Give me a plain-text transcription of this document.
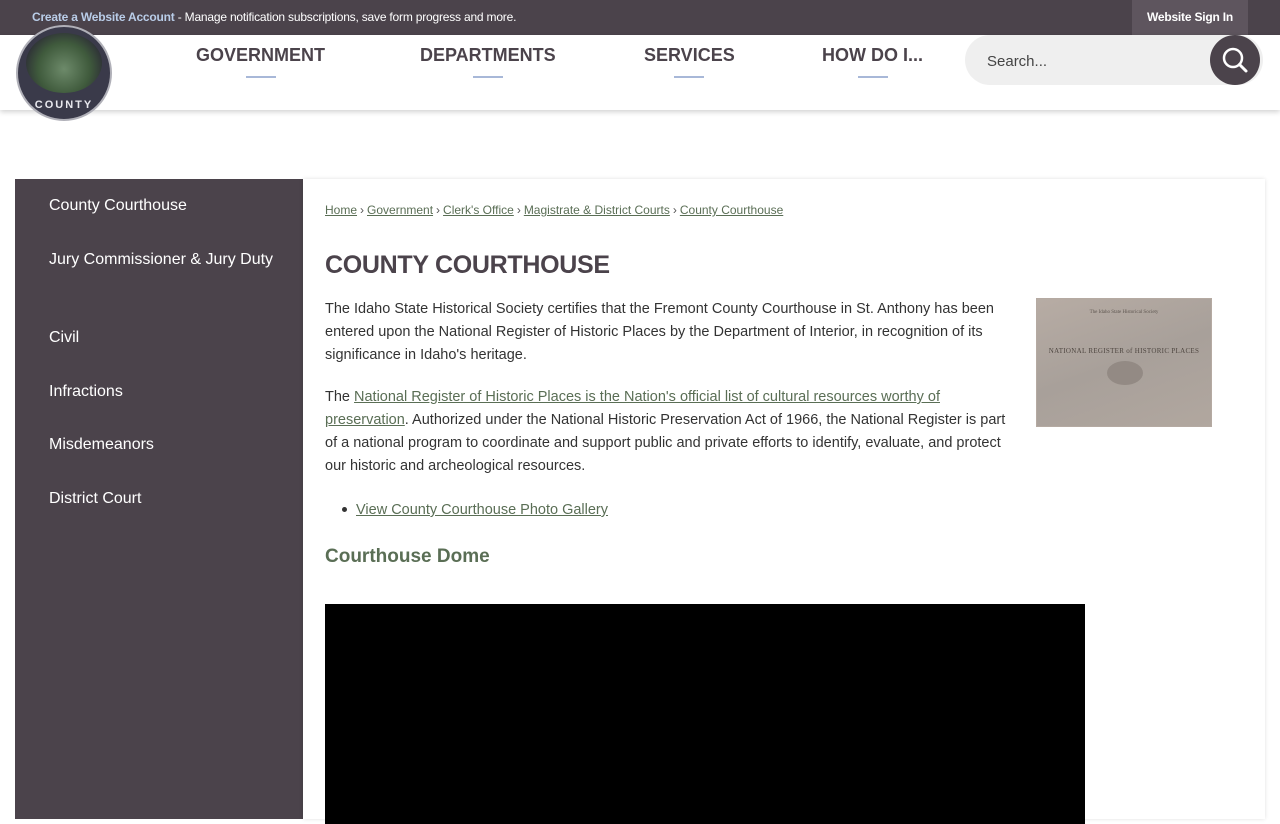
Create a Website Account - Manage notification subscriptions, save form progress and more.	Website Sign In
COUNTY
GOVERNMENT	DEPARTMENTS	SERVICES	HOW DO I...
Search...
County Courthouse
Jury Commissioner & Jury Duty
Civil
Infractions
Misdemeanors
District Court
Home › Government › Clerk's Office › Magistrate & District Courts › County Courthouse
COUNTY COURTHOUSE

The Idaho State Historical Society certifies that the Fremont County Courthouse in St. Anthony has been entered upon the National Register of Historic Places by the Department of Interior, in recognition of its significance in Idaho's heritage.

The National Register of Historic Places is the Nation's official list of cultural resources worthy of preservation. Authorized under the National Historic Preservation Act of 1966, the National Register is part of a national program to coordinate and support public and private efforts to identify, evaluate, and protect our historic and archeological resources.

View County Courthouse Photo Gallery
Courthouse Dome
The Idaho State Historical Society
NATIONAL REGISTER of HISTORIC PLACES
